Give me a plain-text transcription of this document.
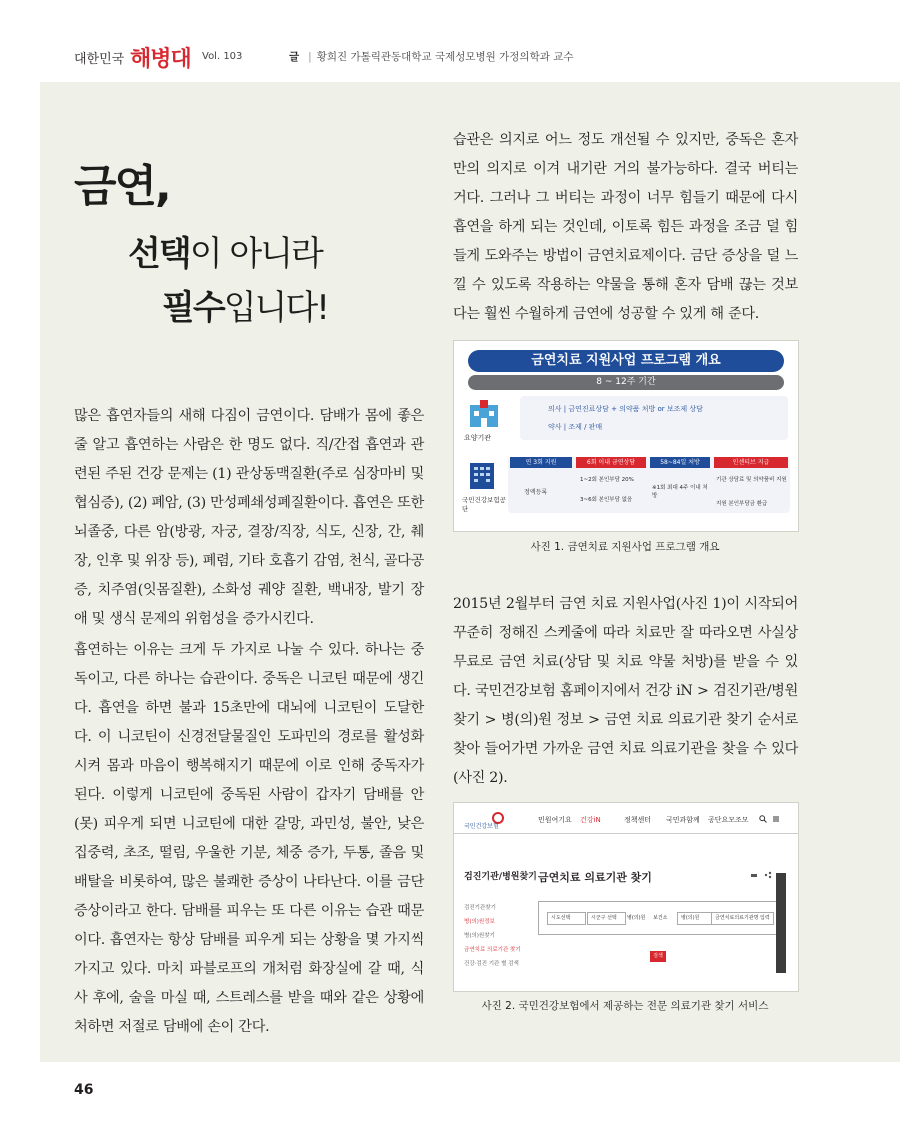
대한민국 해병대 Vol. 103	글 | 황희진 가톨릭관동대학교 국제성모병원 가정의학과 교수
금연,
선택이 아니라
필수입니다!

많은 흡연자들의 새해 다짐이 금연이다. 담배가 몸에 좋은 줄 알고 흡연하는 사람은 한 명도 없다. 직/간접 흡연과 관련된 주된 건강 문제는 (1) 관상동맥질환(주로 심장마비 및 협심증), (2) 폐암, (3) 만성폐쇄성폐질환이다. 흡연은 또한 뇌졸중, 다른 암(방광, 자궁, 결장/직장, 식도, 신장, 간, 췌장, 인후 및 위장 등), 폐렴, 기타 호흡기 감염, 천식, 골다공증, 치주염(잇몸질환), 소화성 궤양 질환, 백내장, 발기 장애 및 생식 문제의 위험성을 증가시킨다.

흡연하는 이유는 크게 두 가지로 나눌 수 있다. 하나는 중독이고, 다른 하나는 습관이다. 중독은 니코틴 때문에 생긴다. 흡연을 하면 불과 15초만에 대뇌에 니코틴이 도달한다. 이 니코틴이 신경전달물질인 도파민의 경로를 활성화시켜 몸과 마음이 행복해지기 때문에 이로 인해 중독자가 된다. 이렇게 니코틴에 중독된 사람이 갑자기 담배를 안(못) 피우게 되면 니코틴에 대한 갈망, 과민성, 불안, 낮은 집중력, 초조, 떨림, 우울한 기분, 체중 증가, 두통, 졸음 및 배탈을 비롯하여, 많은 불쾌한 증상이 나타난다. 이를 금단증상이라고 한다. 담배를 피우는 또 다른 이유는 습관 때문이다. 흡연자는 항상 담배를 피우게 되는 상황을 몇 가지씩 가지고 있다. 마치 파블로프의 개처럼 화장실에 갈 때, 식사 후에, 술을 마실 때, 스트레스를 받을 때와 같은 상황에 처하면 저절로 담배에 손이 간다.

습관은 의지로 어느 정도 개선될 수 있지만, 중독은 혼자만의 의지로 이겨 내기란 거의 불가능하다. 결국 버티는 거다. 그러나 그 버티는 과정이 너무 힘들기 때문에 다시 흡연을 하게 되는 것인데, 이토록 힘든 과정을 조금 덜 힘들게 도와주는 방법이 금연치료제이다. 금단 증상을 덜 느낄 수 있도록 작용하는 약물을 통해 혼자 담배 끊는 것보다는 훨씬 수월하게 금연에 성공할 수 있게 해 준다.

금연치료 지원사업 프로그램 개요
8 ~ 12주 기간
요양기관
의사 | 금연진료상담 + 의약품 처방 or 보조제 상담
약사 | 조제 / 판매
국민건강보험공단
연 3회 지원	6회 이내 금연상담	58~84일 처방	인센티브 지급
정액등록
1~2회 본인부담 20%
3~6회 본인부담 없음
※1회 최대 4주 이내 처방
기관 상담료 및 의약품비 지원
지원 본인부담금 환급
사진 1. 금연치료 지원사업 프로그램 개요

2015년 2월부터 금연 치료 지원사업(사진 1)이 시작되어 꾸준히 정해진 스케줄에 따라 치료만 잘 따라오면 사실상 무료로 금연 치료(상담 및 치료 약물 처방)를 받을 수 있다. 국민건강보험 홈페이지에서 건강 iN > 검진기관/병원찾기 > 병(의)원 정보 > 금연 치료 의료기관 찾기 순서로 찾아 들어가면 가까운 금연 치료 의료기관을 찾을 수 있다(사진 2).

국민건강보험
민원여기요 건강iN	정책센터 국민과함께 공단요모조모
검진기관/병원찾기
검진기관찾기
병(의)원정보
병(의)원찾기
금연치료 의료기관 찾기
건강·검진 기관 별 검색
금연치료 의료기관 찾기
시도선택	시군구 선택	병(의)원 보건소	병(의)원	금연치료의료기관명 입력
검색
사진 2. 국민건강보험에서 제공하는 전문 의료기관 찾기 서비스
46
